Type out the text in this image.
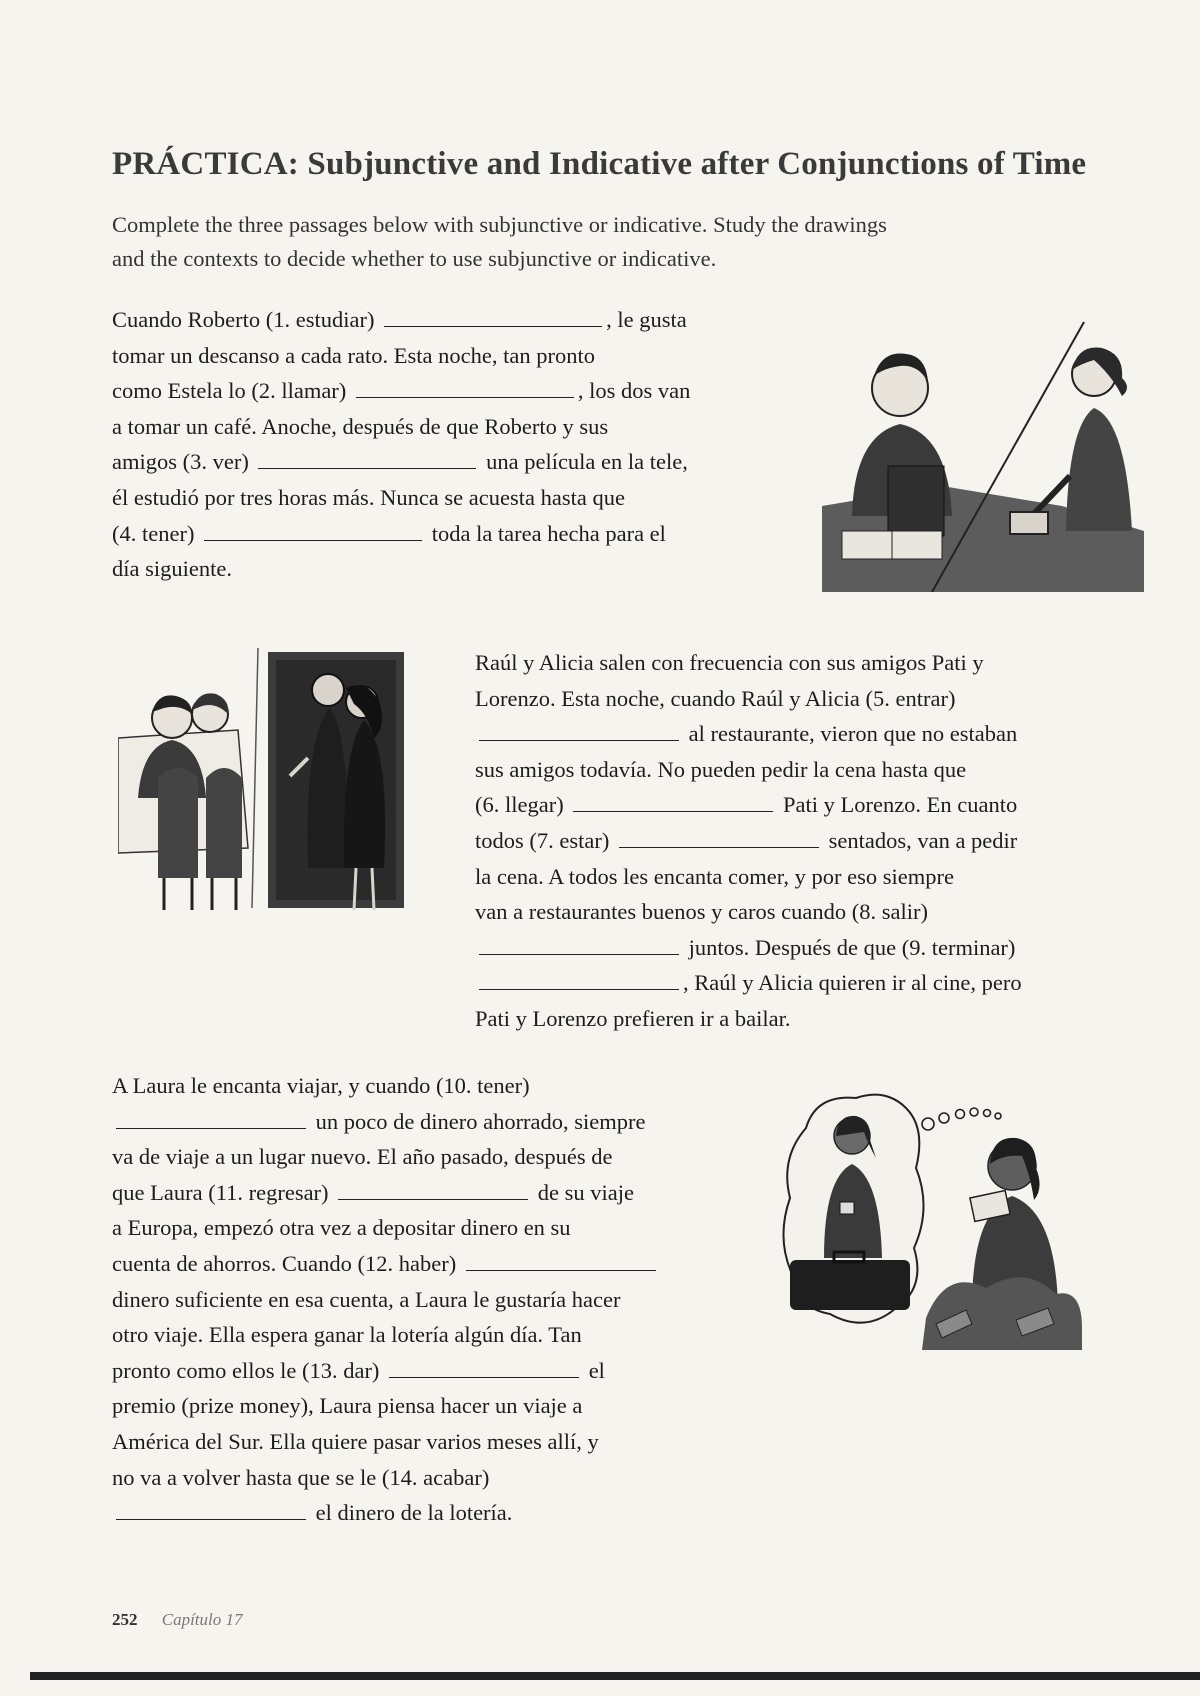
PRÁCTICA: Subjunctive and Indicative after Conjunctions of Time
Complete the three passages below with subjunctive or indicative. Study the drawings
and the contexts to decide whether to use subjunctive or indicative.
Cuando Roberto (1. estudiar)	, le gusta
tomar un descanso a cada rato. Esta noche, tan pronto
como Estela lo (2. llamar)	, los dos van
a tomar un café. Anoche, después de que Roberto y sus
amigos (3. ver)	una película en la tele,
él estudió por tres horas más. Nunca se acuesta hasta que
(4. tener)	toda la tarea hecha para el
día siguiente.
Raúl y Alicia salen con frecuencia con sus amigos Pati y
Lorenzo. Esta noche, cuando Raúl y Alicia (5. entrar)
al restaurante, vieron que no estaban
sus amigos todavía. No pueden pedir la cena hasta que
(6. llegar)	Pati y Lorenzo. En cuanto
todos (7. estar)	sentados, van a pedir
la cena. A todos les encanta comer, y por eso siempre
van a restaurantes buenos y caros cuando (8. salir)
juntos. Después de que (9. terminar)
, Raúl y Alicia quieren ir al cine, pero
Pati y Lorenzo prefieren ir a bailar.
A Laura le encanta viajar, y cuando (10. tener)
un poco de dinero ahorrado, siempre
va de viaje a un lugar nuevo. El año pasado, después de
que Laura (11. regresar)	de su viaje
a Europa, empezó otra vez a depositar dinero en su
cuenta de ahorros. Cuando (12. haber)
dinero suficiente en esa cuenta, a Laura le gustaría hacer
otro viaje. Ella espera ganar la lotería algún día. Tan
pronto como ellos le (13. dar)	el
premio (prize money), Laura piensa hacer un viaje a
América del Sur. Ella quiere pasar varios meses allí, y
no va a volver hasta que se le (14. acabar)
el dinero de la lotería.
252 Capítulo 17
